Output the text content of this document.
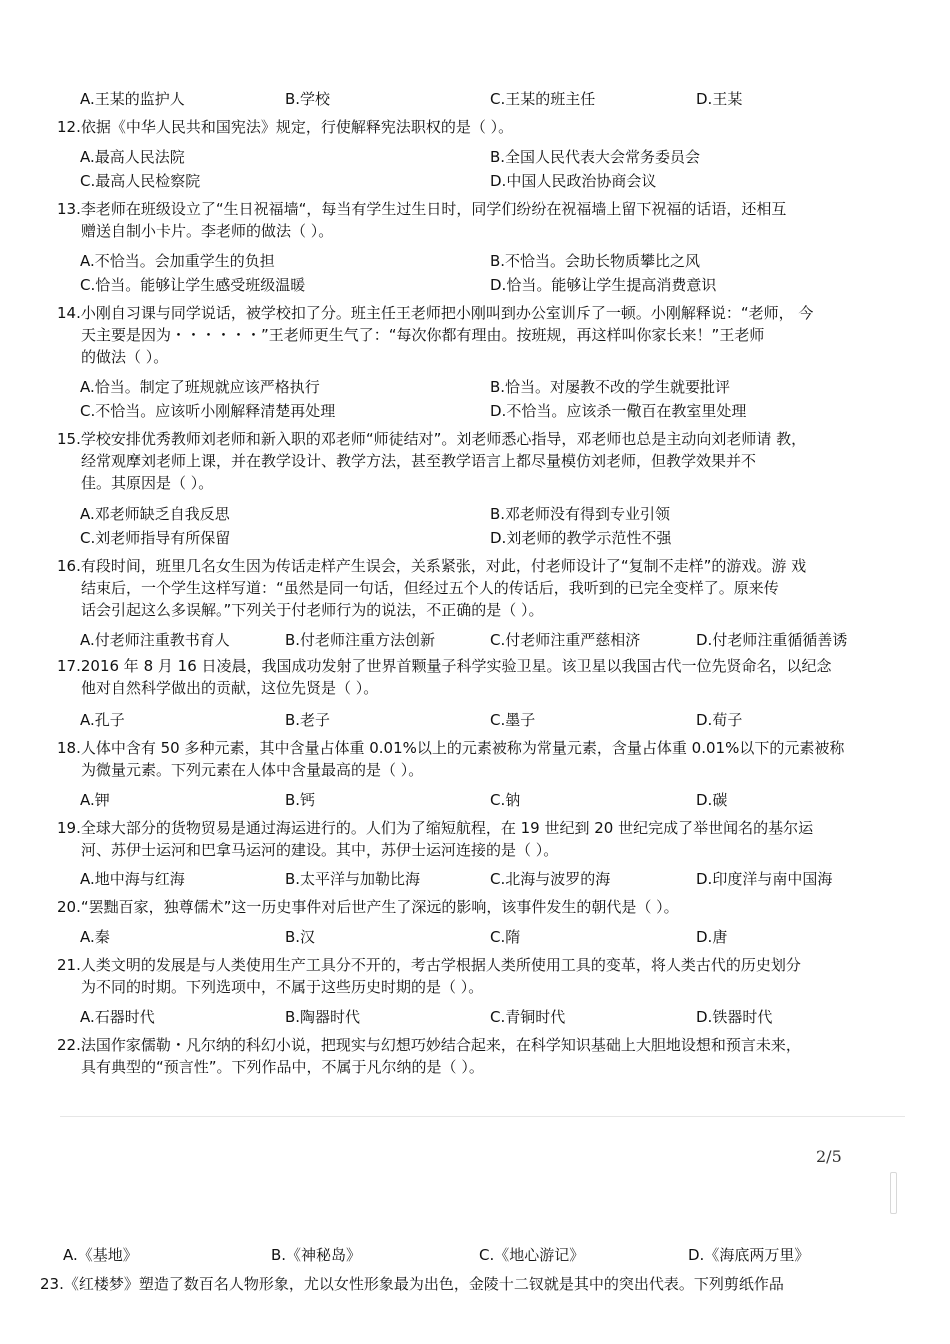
A.王某的监护人	B.学校	C.王某的班主任	D.王某

12.依据《中华人民共和国宪法》规定，行使解释宪法职权的是（ ）。

A.最高人民法院	B.全国人民代表大会常务委员会
C.最高人民检察院	D.中国人民政治协商会议

13.李老师在班级设立了“生日祝福墙“，每当有学生过生日时，同学们纷纷在祝福墙上留下祝福的话语，还相互

赠送自制小卡片。李老师的做法（ ）。

A.不恰当。会加重学生的负担	B.不恰当。会助长物质攀比之风
C.恰当。能够让学生感受班级温暖	D.恰当。能够让学生提高消费意识

14.小刚自习课与同学说话，被学校扣了分。班主任王老师把小刚叫到办公室训斥了一顿。小刚解释说：“老师， 今

天主要是因为・・・・・・”王老师更生气了：“每次你都有理由。按班规，再这样叫你家长来！”王老师

的做法（ ）。

A.恰当。制定了班规就应该严格执行	B.恰当。对屡教不改的学生就要批评
C.不恰当。应该听小刚解释清楚再处理	D.不恰当。应该杀一儆百在教室里处理

15.学校安排优秀教师刘老师和新入职的邓老师“师徒结对”。刘老师悉心指导，邓老师也总是主动向刘老师请 教，

经常观摩刘老师上课，并在教学设计、教学方法，甚至教学语言上都尽量模仿刘老师，但教学效果并不

佳。其原因是（ ）。

A.邓老师缺乏自我反思	B.邓老师没有得到专业引领
C.刘老师指导有所保留	D.刘老师的教学示范性不强

16.有段时间，班里几名女生因为传话走样产生误会，关系紧张，对此，付老师设计了“复制不走样”的游戏。游 戏

结束后，一个学生这样写道：“虽然是同一句话，但经过五个人的传话后，我听到的已完全变样了。原来传

话会引起这么多误解。”下列关于付老师行为的说法，不正确的是（ ）。

A.付老师注重教书育人	B.付老师注重方法创新	C.付老师注重严慈相济	D.付老师注重循循善诱

17.2016 年 8 月 16 日凌晨，我国成功发射了世界首颗量子科学实验卫星。该卫星以我国古代一位先贤命名，以纪念

他对自然科学做出的贡献，这位先贤是（ ）。

A.孔子	B.老子	C.墨子	D.荀子

18.人体中含有 50 多种元素，其中含量占体重 0.01%以上的元素被称为常量元素，含量占体重 0.01%以下的元素被称

为微量元素。下列元素在人体中含量最高的是（ ）。

A.钾	B.钙	C.钠	D.碳

19.全球大部分的货物贸易是通过海运进行的。人们为了缩短航程，在 19 世纪到 20 世纪完成了举世闻名的基尔运

河、苏伊士运河和巴拿马运河的建设。其中，苏伊士运河连接的是（ ）。

A.地中海与红海	B.太平洋与加勒比海	C.北海与波罗的海	D.印度洋与南中国海

20.“罢黜百家，独尊儒术”这一历史事件对后世产生了深远的影响，该事件发生的朝代是（ ）。

A.秦	B.汉	C.隋	D.唐

21.人类文明的发展是与人类使用生产工具分不开的，考古学根据人类所使用工具的变革，将人类古代的历史划分

为不同的时期。下列选项中，不属于这些历史时期的是（ ）。

A.石器时代	B.陶器时代	C.青铜时代	D.铁器时代

22.法国作家儒勒・凡尔纳的科幻小说，把现实与幻想巧妙结合起来，在科学知识基础上大胆地设想和预言未来，

具有典型的“预言性”。下列作品中，不属于凡尔纳的是（ ）。

2/5
A.《基地》	B.《神秘岛》	C.《地心游记》	D.《海底两万里》
23.《红楼梦》塑造了数百名人物形象，尤以女性形象最为出色，金陵十二钗就是其中的突出代表。下列剪纸作品
